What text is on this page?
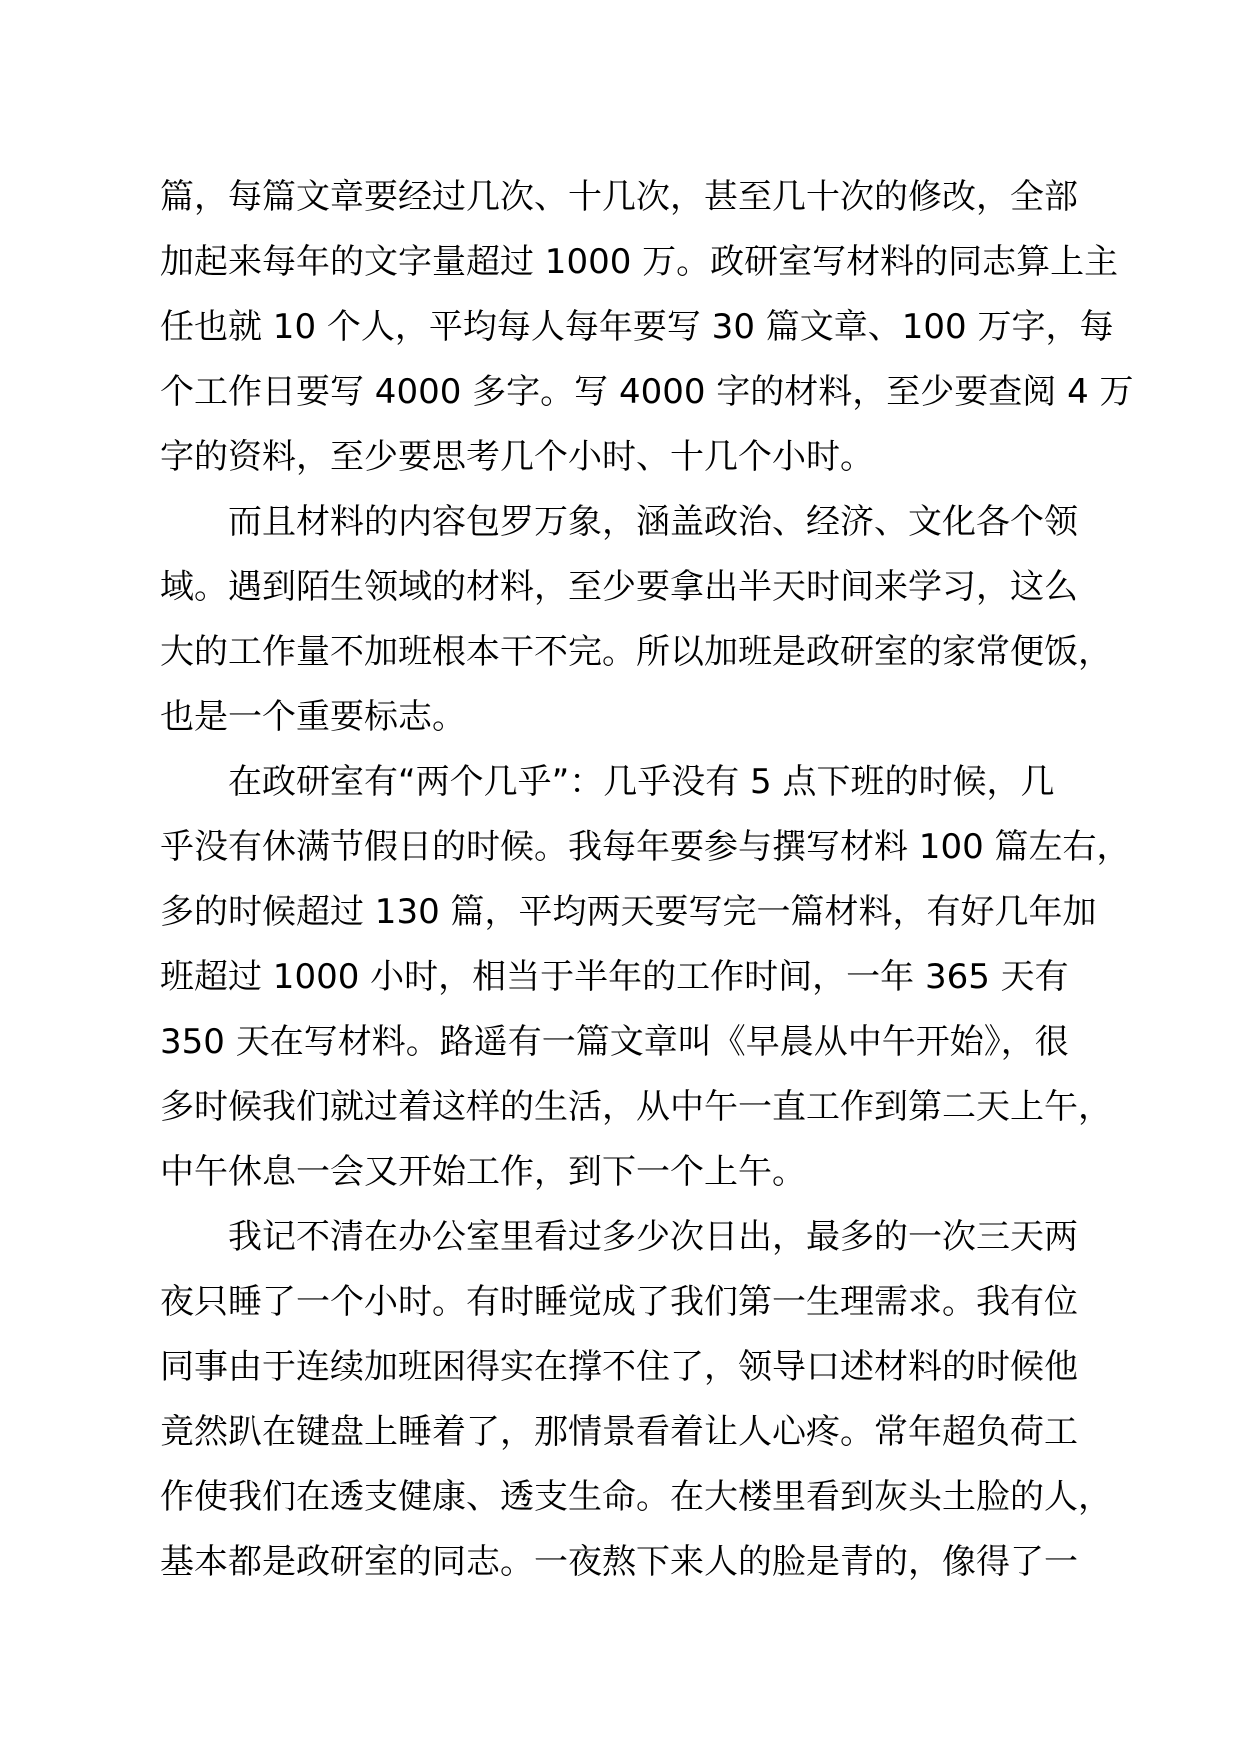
篇，每篇文章要经过几次、十几次，甚至几十次的修改，全部
加起来每年的文字量超过 1000 万。政研室写材料的同志算上主
任也就 10 个人，平均每人每年要写 30 篇文章、100 万字，每
个工作日要写 4000 多字。写 4000 字的材料，至少要查阅 4 万
字的资料，至少要思考几个小时、十几个小时。
而且材料的内容包罗万象，涵盖政治、经济、文化各个领
域。遇到陌生领域的材料，至少要拿出半天时间来学习，这么
大的工作量不加班根本干不完。所以加班是政研室的家常便饭，
也是一个重要标志。
在政研室有“两个几乎”：几乎没有 5 点下班的时候，几
乎没有休满节假日的时候。我每年要参与撰写材料 100 篇左右，
多的时候超过 130 篇，平均两天要写完一篇材料，有好几年加
班超过 1000 小时，相当于半年的工作时间，一年 365 天有
350 天在写材料。路遥有一篇文章叫《早晨从中午开始》，很
多时候我们就过着这样的生活，从中午一直工作到第二天上午，
中午休息一会又开始工作，到下一个上午。
我记不清在办公室里看过多少次日出，最多的一次三天两
夜只睡了一个小时。有时睡觉成了我们第一生理需求。我有位
同事由于连续加班困得实在撑不住了，领导口述材料的时候他
竟然趴在键盘上睡着了，那情景看着让人心疼。常年超负荷工
作使我们在透支健康、透支生命。在大楼里看到灰头土脸的人，
基本都是政研室的同志。一夜熬下来人的脸是青的，像得了一
